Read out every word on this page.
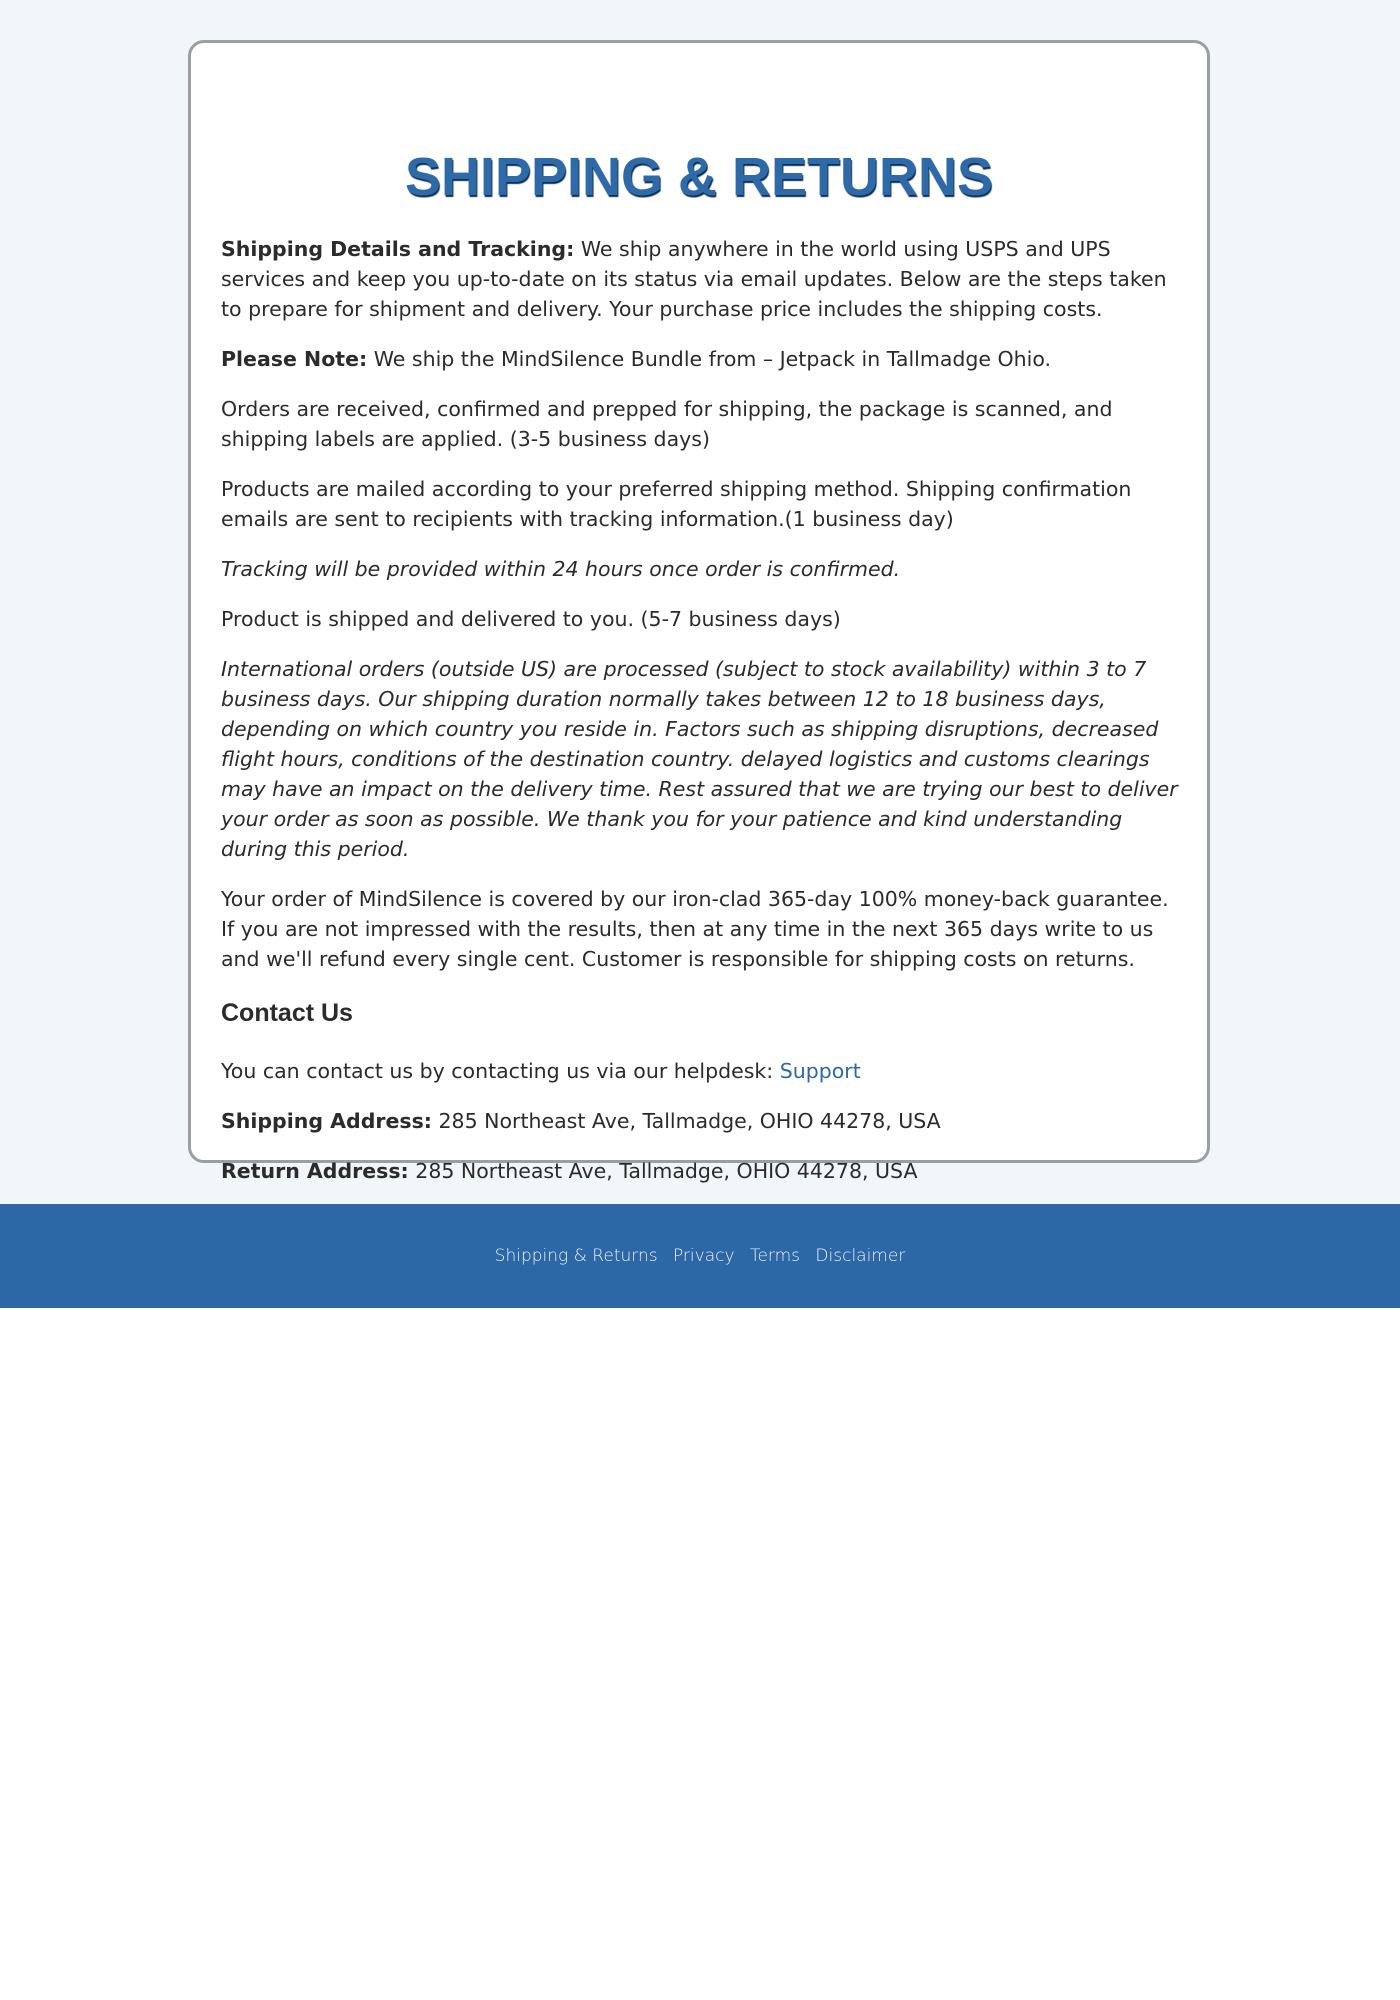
SHIPPING & RETURNS

Shipping Details and Tracking: We ship anywhere in the world using USPS and UPS services and keep you up-to-date on its status via email updates. Below are the steps taken to prepare for shipment and delivery. Your purchase price includes the shipping costs.

Please Note: We ship the MindSilence Bundle from – Jetpack in Tallmadge Ohio.

Orders are received, confirmed and prepped for shipping, the package is scanned, and shipping labels are applied. (3-5 business days)

Products are mailed according to your preferred shipping method. Shipping confirmation emails are sent to recipients with tracking information.(1 business day)

Tracking will be provided within 24 hours once order is confirmed.

Product is shipped and delivered to you. (5-7 business days)

International orders (outside US) are processed (subject to stock availability) within 3 to 7 business days. Our shipping duration normally takes between 12 to 18 business days, depending on which country you reside in. Factors such as shipping disruptions, decreased flight hours, conditions of the destination country. delayed logistics and customs clearings may have an impact on the delivery time. Rest assured that we are trying our best to deliver your order as soon as possible. We thank you for your patience and kind understanding during this period.

Your order of MindSilence is covered by our iron-clad 365-day 100% money-back guarantee. If you are not impressed with the results, then at any time in the next 365 days write to us and we'll refund every single cent. Customer is responsible for shipping costs on returns.

Contact Us

You can contact us by contacting us via our helpdesk: Support

Shipping Address: 285 Northeast Ave, Tallmadge, OHIO 44278, USA

Return Address: 285 Northeast Ave, Tallmadge, OHIO 44278, USA

Shipping & Returns Privacy Terms Disclaimer
